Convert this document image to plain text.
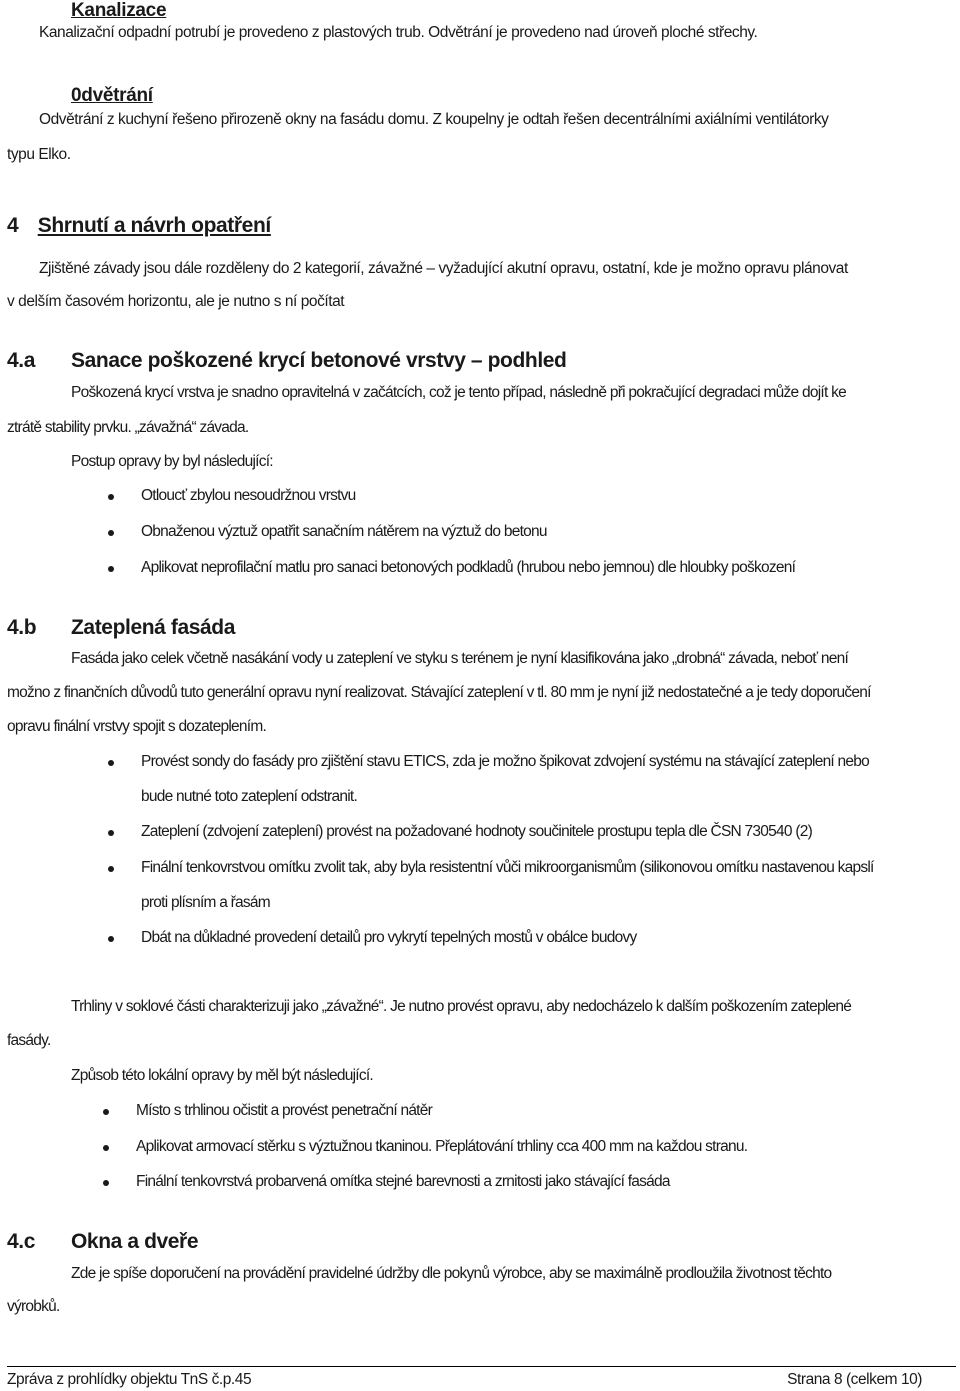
Kanalizace
Kanalizační odpadní potrubí je provedeno z plastových trub. Odvětrání je provedeno nad úroveň ploché střechy.
0dvětrání
Odvětrání z kuchyní řešeno přirozeně okny na fasádu domu. Z koupelny je odtah řešen decentrálními axiálními ventilátorky
typu Elko.
4 Shrnutí a návrh opatření
Zjištěné závady jsou dále rozděleny do 2 kategorií, závažné – vyžadující akutní opravu, ostatní, kde je možno opravu plánovat
v delším časovém horizontu, ale je nutno s ní počítat
4.a Sanace poškozené krycí betonové vrstvy – podhled
Poškozená krycí vrstva je snadno opravitelná v začátcích, což je tento případ, následně při pokračující degradaci může dojít ke
ztrátě stability prvku. „závažná“ závada.
Postup opravy by byl následující:
Otloucť zbylou nesoudržnou vrstvu
Obnaženou výztuž opatřit sanačním nátěrem na výztuž do betonu
Aplikovat neprofilační matlu pro sanaci betonových podkladů (hrubou nebo jemnou) dle hloubky poškození
4.b Zateplená fasáda
Fasáda jako celek včetně nasákání vody u zateplení ve styku s terénem je nyní klasifikována jako „drobná“ závada, neboť není
možno z finančních důvodů tuto generální opravu nyní realizovat. Stávající zateplení v tl. 80 mm je nyní již nedostatečné a je tedy doporučení
opravu finální vrstvy spojit s dozateplením.
Provést sondy do fasády pro zjištění stavu ETICS, zda je možno špikovat zdvojení systému na stávající zateplení nebo
bude nutné toto zateplení odstranit.
Zateplení (zdvojení zateplení) provést na požadované hodnoty součinitele prostupu tepla dle ČSN 730540 (2)
Finální tenkovrstvou omítku zvolit tak, aby byla resistentní vůči mikroorganismům (silikonovou omítku nastavenou kapslí
proti plísním a řasám
Dbát na důkladné provedení detailů pro vykrytí tepelných mostů v obálce budovy
Trhliny v soklové části charakterizuji jako „závažné“. Je nutno provést opravu, aby nedocházelo k dalším poškozením zateplené
fasády.
Způsob této lokální opravy by měl být následující.
Místo s trhlinou očistit a provést penetrační nátěr
Aplikovat armovací stěrku s výztužnou tkaninou. Přeplátování trhliny cca 400 mm na každou stranu.
Finální tenkovrstvá probarvená omítka stejné barevnosti a zrnitosti jako stávající fasáda
4.c Okna a dveře
Zde je spíše doporučení na provádění pravidelné údržby dle pokynů výrobce, aby se maximálně prodloužila životnost těchto
výrobků.
Zpráva z prohlídky objektu TnS č.p.45	Strana 8 (celkem 10)
